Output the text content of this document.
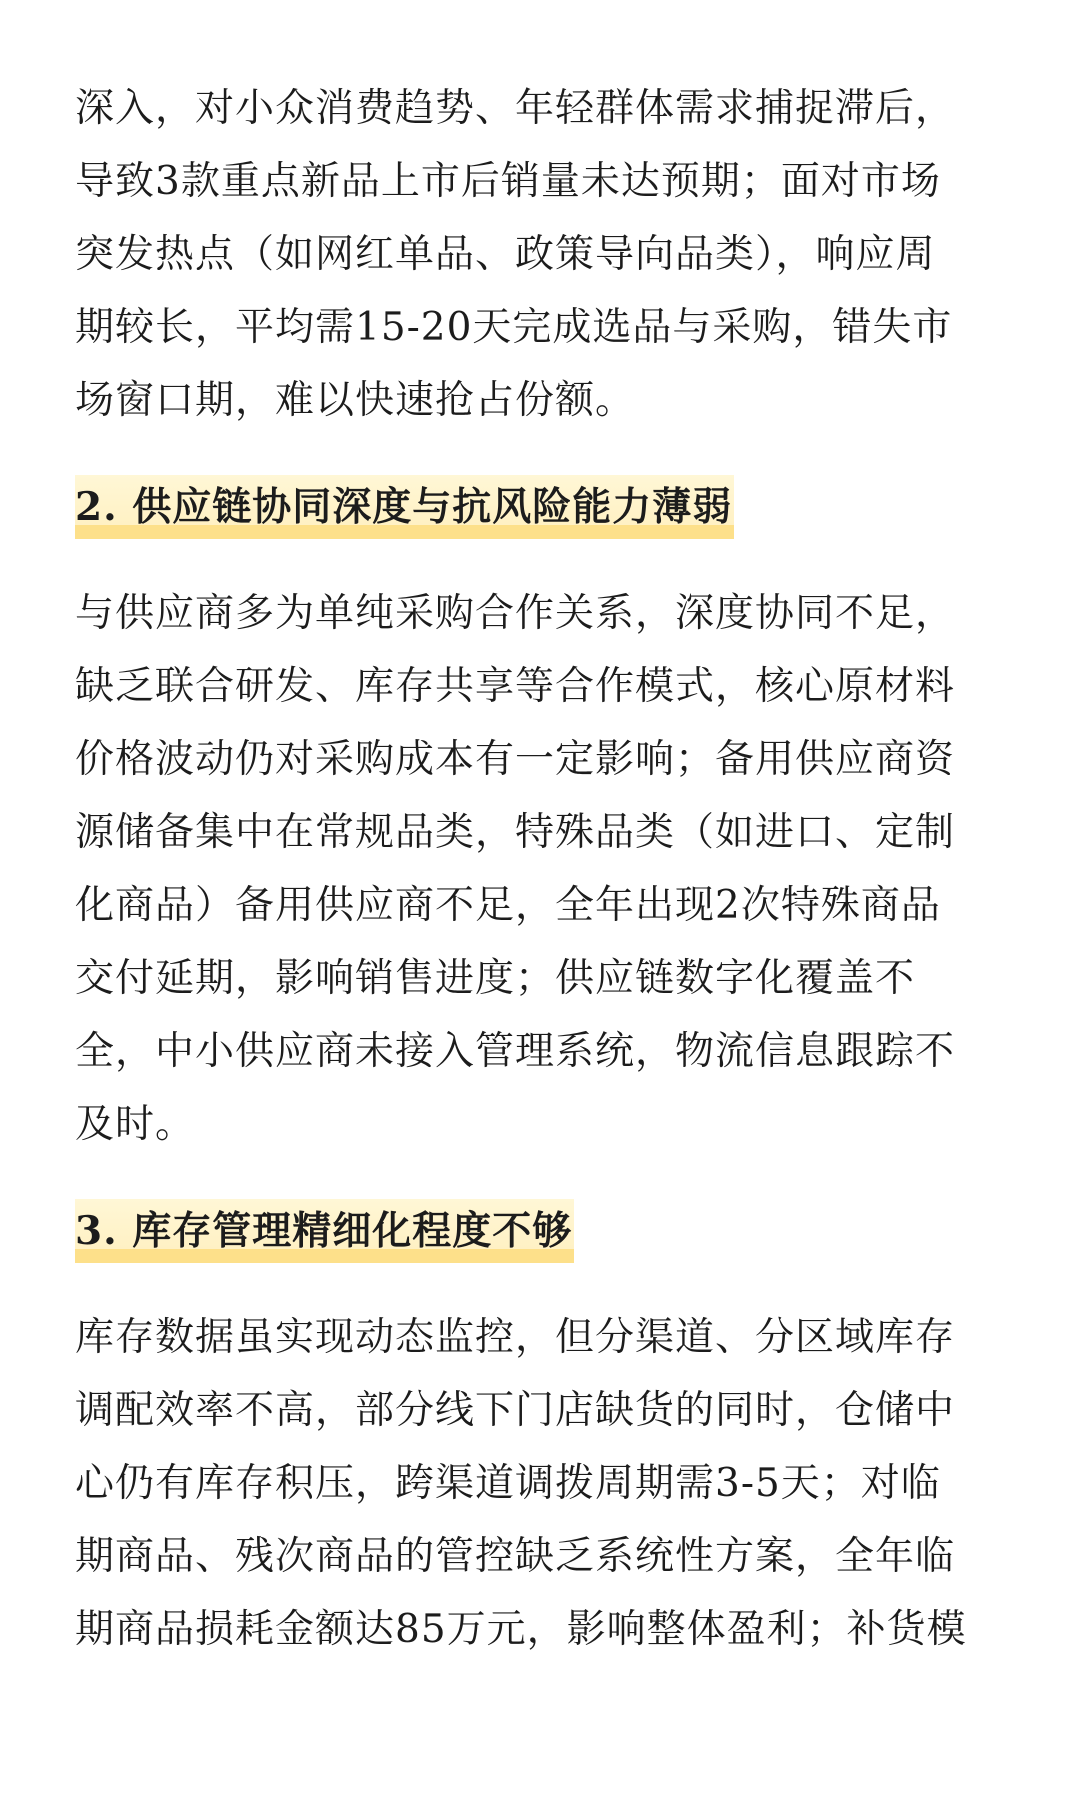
深入，对小众消费趋势、年轻群体需求捕捉滞后，
导致3款重点新品上市后销量未达预期；面对市场
突发热点（如网红单品、政策导向品类），响应周
期较长，平均需15-20天完成选品与采购，错失市
场窗口期，难以快速抢占份额。
2. 供应链协同深度与抗风险能力薄弱
与供应商多为单纯采购合作关系，深度协同不足，
缺乏联合研发、库存共享等合作模式，核心原材料
价格波动仍对采购成本有一定影响；备用供应商资
源储备集中在常规品类，特殊品类（如进口、定制
化商品）备用供应商不足，全年出现2次特殊商品
交付延期，影响销售进度；供应链数字化覆盖不
全，中小供应商未接入管理系统，物流信息跟踪不
及时。
3. 库存管理精细化程度不够
库存数据虽实现动态监控，但分渠道、分区域库存
调配效率不高，部分线下门店缺货的同时，仓储中
心仍有库存积压，跨渠道调拨周期需3-5天；对临
期商品、残次商品的管控缺乏系统性方案，全年临
期商品损耗金额达85万元，影响整体盈利；补货模
